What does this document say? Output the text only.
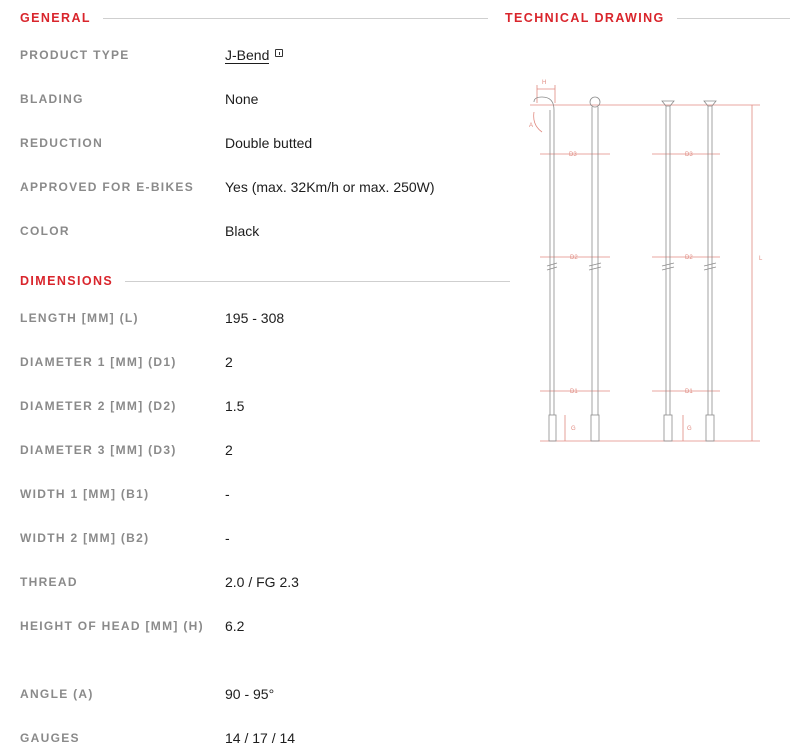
GENERAL	TECHNICAL DRAWING
PRODUCT TYPE	J-Bend
BLADING	None
REDUCTION	Double butted
APPROVED FOR E-BIKES	Yes (max. 32Km/h or max. 250W)
COLOR	Black
DIMENSIONS
LENGTH [MM] (L)	195 - 308
DIAMETER 1 [MM] (D1)	2
DIAMETER 2 [MM] (D2)	1.5
DIAMETER 3 [MM] (D3)	2
WIDTH 1 [MM] (B1)	-
WIDTH 2 [MM] (B2)	-
THREAD	2.0 / FG 2.3
HEIGHT OF HEAD [MM] (H) 6.2
ANGLE (A)	90 - 95°
GAUGES	14 / 17 / 14
H
A
L
D3	D3
D2	D2
D1	D1
G	G
